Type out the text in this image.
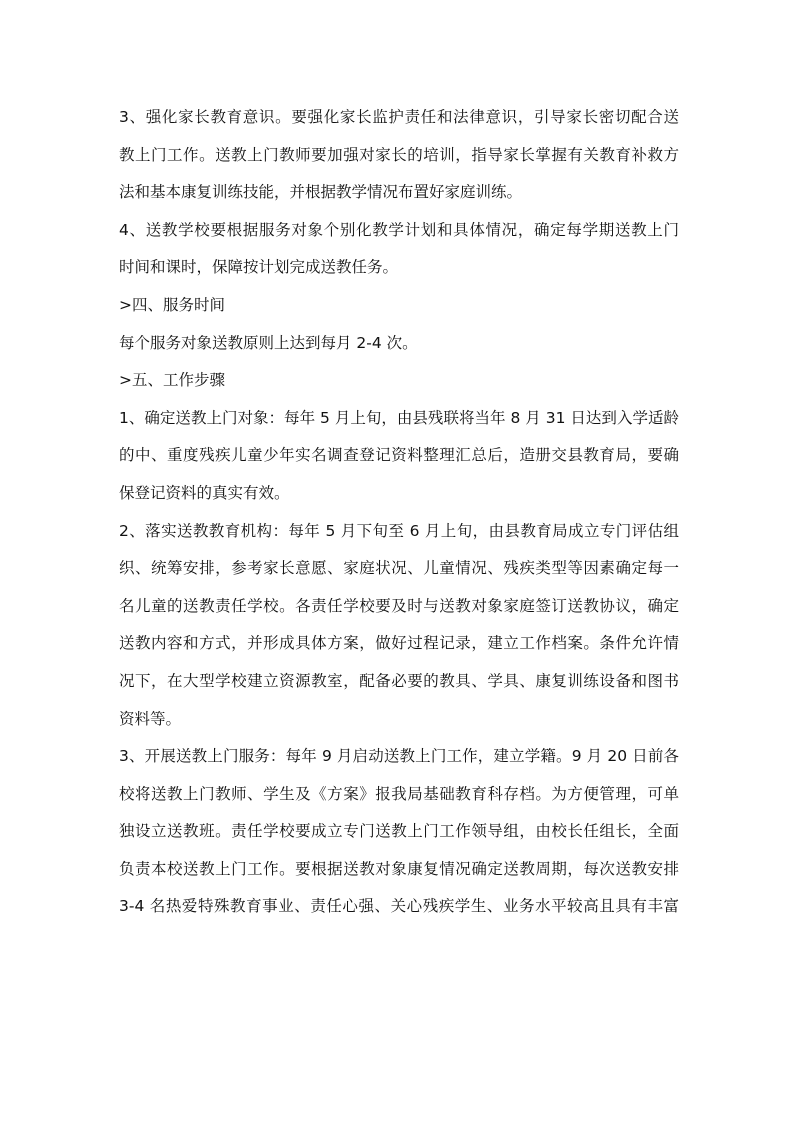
3、强化家长教育意识。要强化家长监护责任和法律意识，引导家长密切配合送
教上门工作。送教上门教师要加强对家长的培训，指导家长掌握有关教育补救方
法和基本康复训练技能，并根据教学情况布置好家庭训练。
4、送教学校要根据服务对象个别化教学计划和具体情况，确定每学期送教上门
时间和课时，保障按计划完成送教任务。
>四、服务时间
每个服务对象送教原则上达到每月 2-4 次。
>五、工作步骤
1、确定送教上门对象：每年 5 月上旬，由县残联将当年 8 月 31 日达到入学适龄
的中、重度残疾儿童少年实名调查登记资料整理汇总后，造册交县教育局，要确
保登记资料的真实有效。
2、落实送教教育机构：每年 5 月下旬至 6 月上旬，由县教育局成立专门评估组
织、统筹安排，参考家长意愿、家庭状况、儿童情况、残疾类型等因素确定每一
名儿童的送教责任学校。各责任学校要及时与送教对象家庭签订送教协议，确定
送教内容和方式，并形成具体方案，做好过程记录，建立工作档案。条件允许情
况下，在大型学校建立资源教室，配备必要的教具、学具、康复训练设备和图书
资料等。
3、开展送教上门服务：每年 9 月启动送教上门工作，建立学籍。9 月 20 日前各
校将送教上门教师、学生及《方案》报我局基础教育科存档。为方便管理，可单
独设立送教班。责任学校要成立专门送教上门工作领导组，由校长任组长，全面
负责本校送教上门工作。要根据送教对象康复情况确定送教周期，每次送教安排
3-4 名热爱特殊教育事业、责任心强、关心残疾学生、业务水平较高且具有丰富
